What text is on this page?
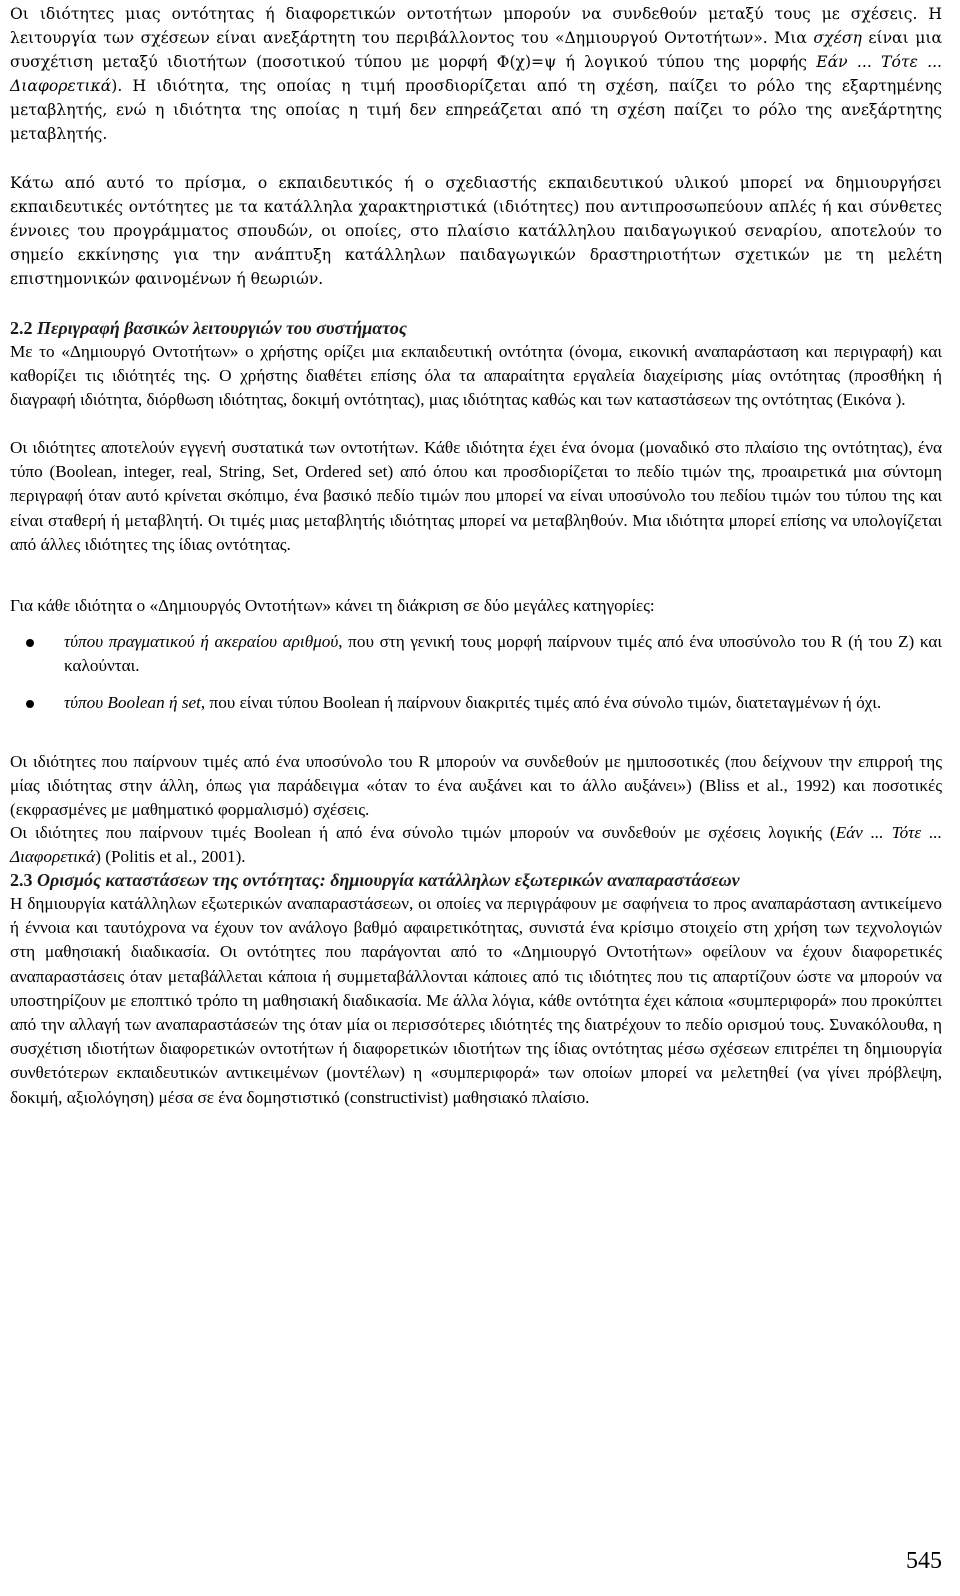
Οι ιδιότητες μιας οντότητας ή διαφορετικών οντοτήτων μπορούν να συνδεθούν μεταξύ τους με σχέσεις. Η λειτουργία των σχέσεων είναι ανεξάρτητη του περιβάλλοντος του «Δημιουργού Οντοτήτων». Μια σχέση είναι μια συσχέτιση μεταξύ ιδιοτήτων (ποσοτικού τύπου με μορφή Φ(χ)=ψ ή λογικού τύπου της μορφής Εάν ... Τότε ... Διαφορετικά). Η ιδιότητα, της οποίας η τιμή προσδιορίζεται από τη σχέση, παίζει το ρόλο της εξαρτημένης μεταβλητής, ενώ η ιδιότητα της οποίας η τιμή δεν επηρεάζεται από τη σχέση παίζει το ρόλο της ανεξάρτητης μεταβλητής.

Κάτω από αυτό το πρίσμα, ο εκπαιδευτικός ή ο σχεδιαστής εκπαιδευτικού υλικού μπορεί να δημιουργήσει εκπαιδευτικές οντότητες με τα κατάλληλα χαρακτηριστικά (ιδιότητες) που αντιπροσωπεύουν απλές ή και σύνθετες έννοιες του προγράμματος σπουδών, οι οποίες, στο πλαίσιο κατάλληλου παιδαγωγικού σεναρίου, αποτελούν το σημείο εκκίνησης για την ανάπτυξη κατάλληλων παιδαγωγικών δραστηριοτήτων σχετικών με τη μελέτη επιστημονικών φαινομένων ή θεωριών.

2.2 Περιγραφή βασικών λειτουργιών του συστήματος

Με το «Δημιουργό Οντοτήτων» ο χρήστης ορίζει μια εκπαιδευτική οντότητα (όνομα, εικονική αναπαράσταση και περιγραφή) και καθορίζει τις ιδιότητές της. Ο χρήστης διαθέτει επίσης όλα τα απαραίτητα εργαλεία διαχείρισης μίας οντότητας (προσθήκη ή διαγραφή ιδιότητα, διόρθωση ιδιότητας, δοκιμή οντότητας), μιας ιδιότητας καθώς και των καταστάσεων της οντότητας (Εικόνα ).

Οι ιδιότητες αποτελούν εγγενή συστατικά των οντοτήτων. Κάθε ιδιότητα έχει ένα όνομα (μοναδικό στο πλαίσιο της οντότητας), ένα τύπο (Boolean, integer, real, String, Set, Ordered set) από όπου και προσδιορίζεται το πεδίο τιμών της, προαιρετικά μια σύντομη περιγραφή όταν αυτό κρίνεται σκόπιμο, ένα βασικό πεδίο τιμών που μπορεί να είναι υποσύνολο του πεδίου τιμών του τύπου της και είναι σταθερή ή μεταβλητή. Οι τιμές μιας μεταβλητής ιδιότητας μπορεί να μεταβληθούν. Μια ιδιότητα μπορεί επίσης να υπολογίζεται από άλλες ιδιότητες της ίδιας οντότητας.

Για κάθε ιδιότητα ο «Δημιουργός Οντοτήτων» κάνει τη διάκριση σε δύο μεγάλες κατηγορίες:

τύπου πραγματικού ή ακεραίου αριθμού, που στη γενική τους μορφή παίρνουν τιμές από ένα υποσύνολο του R (ή του Z) και καλούνται.

τύπου Boolean ή set, που είναι τύπου Boolean ή παίρνουν διακριτές τιμές από ένα σύνολο τιμών, διατεταγμένων ή όχι.

Οι ιδιότητες που παίρνουν τιμές από ένα υποσύνολο του R μπορούν να συνδεθούν με ημιποσοτικές (που δείχνουν την επιρροή της μίας ιδιότητας στην άλλη, όπως για παράδειγμα «όταν το ένα αυξάνει και το άλλο αυξάνει») (Bliss et al., 1992) και ποσοτικές (εκφρασμένες με μαθηματικό φορμαλισμό) σχέσεις.

Οι ιδιότητες που παίρνουν τιμές Boolean ή από ένα σύνολο τιμών μπορούν να συνδεθούν με σχέσεις λογικής (Εάν ... Τότε ... Διαφορετικά) (Politis et al., 2001).

2.3 Ορισμός καταστάσεων της οντότητας: δημιουργία κατάλληλων εξωτερικών αναπαραστάσεων

Η δημιουργία κατάλληλων εξωτερικών αναπαραστάσεων, οι οποίες να περιγράφουν με σαφήνεια το προς αναπαράσταση αντικείμενο ή έννοια και ταυτόχρονα να έχουν τον ανάλογο βαθμό αφαιρετικότητας, συνιστά ένα κρίσιμο στοιχείο στη χρήση των τεχνολογιών στη μαθησιακή διαδικασία. Οι οντότητες που παράγονται από το «Δημιουργό Οντοτήτων» οφείλουν να έχουν διαφορετικές αναπαραστάσεις όταν μεταβάλλεται κάποια ή συμμεταβάλλονται κάποιες από τις ιδιότητες που τις απαρτίζουν ώστε να μπορούν να υποστηρίζουν με εποπτικό τρόπο τη μαθησιακή διαδικασία. Με άλλα λόγια, κάθε οντότητα έχει κάποια «συμπεριφορά» που προκύπτει από την αλλαγή των αναπαραστάσεών της όταν μία οι περισσότερες ιδιότητές της διατρέχουν το πεδίο ορισμού τους. Συνακόλουθα, η συσχέτιση ιδιοτήτων διαφορετικών οντοτήτων ή διαφορετικών ιδιοτήτων της ίδιας οντότητας μέσω σχέσεων επιτρέπει τη δημιουργία συνθετότερων εκπαιδευτικών αντικειμένων (μοντέλων) η «συμπεριφορά» των οποίων μπορεί να μελετηθεί (να γίνει πρόβλεψη, δοκιμή, αξιολόγηση) μέσα σε ένα δομηστιστικό (constructivist) μαθησιακό πλαίσιο.

545
